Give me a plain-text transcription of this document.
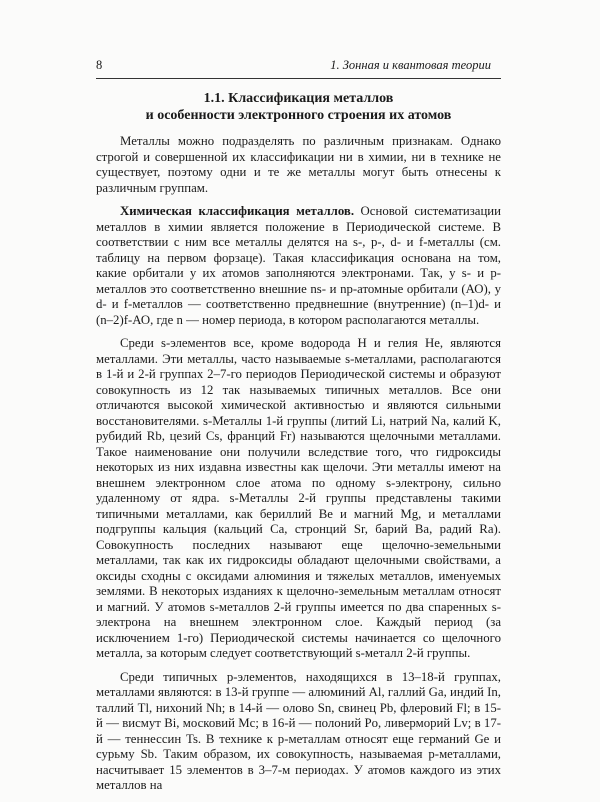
8	1. Зонная и квантовая теории
1.1. Классификация металлов
и особенности электронного строения их атомов

Металлы можно подразделять по различным признакам. Однако строгой и совершенной их классификации ни в химии, ни в технике не существует, поэтому одни и те же металлы могут быть отнесены к различным группам.

Химическая классификация металлов. Основой систематизации металлов в химии является положение в Периодической системе. В соответствии с ним все металлы делятся на s-, p-, d- и f-металлы (см. таблицу на первом форзаце). Такая классификация основана на том, какие орбитали у их атомов заполняются электронами. Так, у s- и p-металлов это соответственно внешние ns- и np-атомные орбитали (АО), у d- и f-металлов — соответственно предвнешние (внутренние) (n–1)d- и (n–2)f-АО, где n — номер периода, в котором располагаются металлы.

Среди s-элементов все, кроме водорода H и гелия He, являются металлами. Эти металлы, часто называемые s-металлами, располагаются в 1-й и 2-й группах 2–7-го периодов Периодической системы и образуют совокупность из 12 так называемых типичных металлов. Все они отличаются высокой химической активностью и являются сильными восстановителями. s-Металлы 1-й группы (литий Li, натрий Na, калий K, рубидий Rb, цезий Cs, франций Fr) называются щелочными металлами. Такое наименование они получили вследствие того, что гидроксиды некоторых из них издавна известны как щелочи. Эти металлы имеют на внешнем электронном слое атома по одному s-электрону, сильно удаленному от ядра. s-Металлы 2-й группы представлены такими типичными металлами, как бериллий Be и магний Mg, и металлами подгруппы кальция (кальций Ca, стронций Sr, барий Ba, радий Ra). Совокупность последних называют еще щелочно-земельными металлами, так как их гидроксиды обладают щелочными свойствами, а оксиды сходны с оксидами алюминия и тяжелых металлов, именуемых землями. В некоторых изданиях к щелочно-земельным металлам относят и магний. У атомов s-металлов 2-й группы имеется по два спаренных s-электрона на внешнем электронном слое. Каждый период (за исключением 1-го) Периодической системы начинается со щелочного металла, за которым следует соответствующий s-металл 2-й группы.

Среди типичных p-элементов, находящихся в 13–18-й группах, металлами являются: в 13-й группе — алюминий Al, галлий Ga, индий In, таллий Tl, нихоний Nh; в 14-й — олово Sn, свинец Pb, флеровий Fl; в 15-й — висмут Bi, московий Mc; в 16-й — полоний Po, ливерморий Lv; в 17-й — теннессин Ts. В технике к p-металлам относят еще германий Ge и сурьму Sb. Таким образом, их совокупность, называемая p-металлами, насчитывает 15 элементов в 3–7-м периодах. У атомов каждого из этих металлов на
